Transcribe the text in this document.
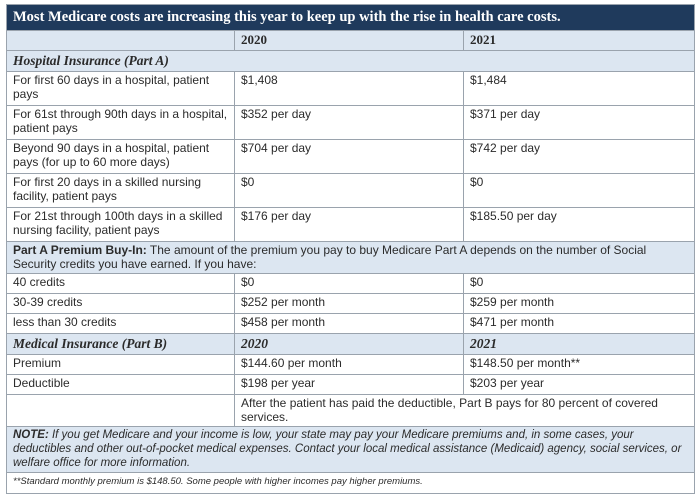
Most Medicare costs are increasing this year to keep up with the rise in health care costs.		
	2020	2021
Hospital Insurance (Part A)		
For first 60 days in a hospital, patient pays	$1,408	$1,484
For 61st through 90th days in a hospital, patient pays	$352 per day	$371 per day
Beyond 90 days in a hospital, patient pays (for up to 60 more days)	$704 per day	$742 per day
For first 20 days in a skilled nursing facility, patient pays	$0	$0
For 21st through 100th days in a skilled nursing facility, patient pays	$176 per day	$185.50 per day
Part A Premium Buy-In: The amount of the premium you pay to buy Medicare Part A depends on the number of Social Security credits you have earned. If you have:		
40 credits	$0	$0
30-39 credits	$252 per month	$259 per month
less than 30 credits	$458 per month	$471 per month
Medical Insurance (Part B)	2020	2021
Premium	$144.60 per month	$148.50 per month**
Deductible	$198 per year	$203 per year
	After the patient has paid the deductible, Part B pays for 80 percent of covered services.	
NOTE: If you get Medicare and your income is low, your state may pay your Medicare premiums and, in some cases, your deductibles and other out-of-pocket medical expenses. Contact your local medical assistance (Medicaid) agency, social services, or welfare office for more information.		
**Standard monthly premium is $148.50. Some people with higher incomes pay higher premiums.		
